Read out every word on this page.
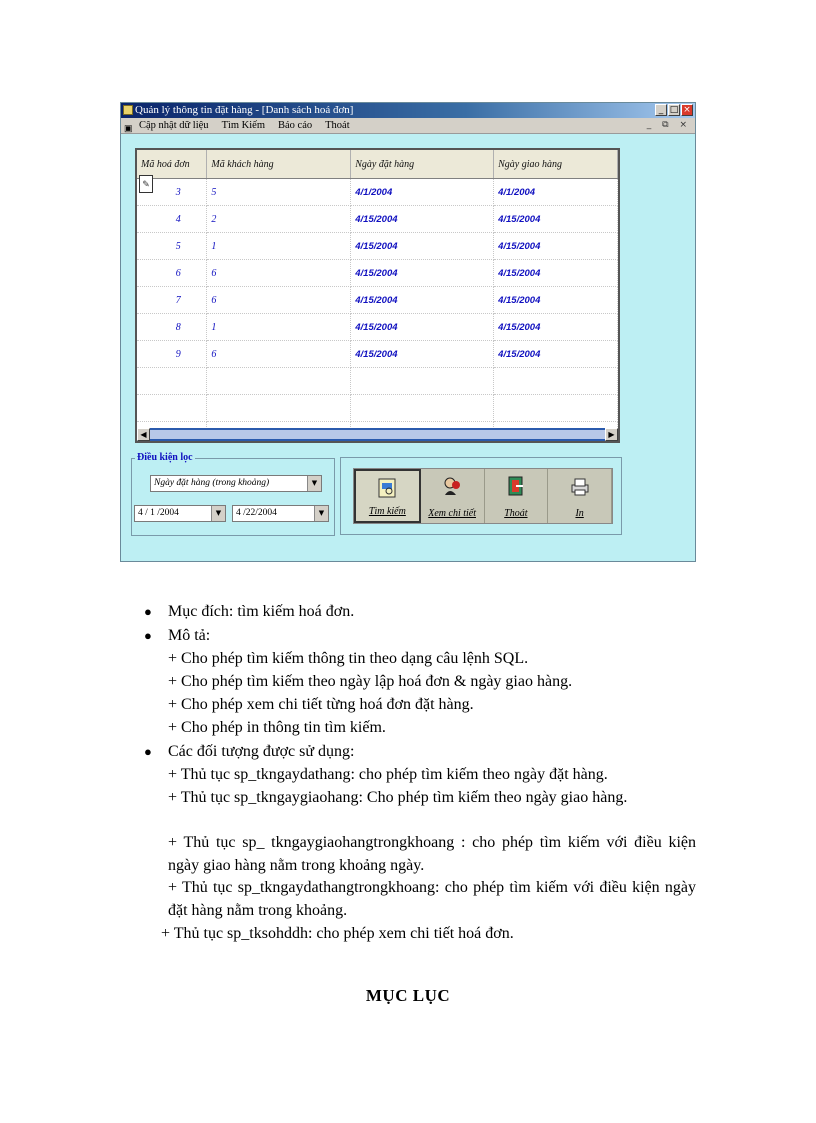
Quản lý thông tin đặt hàng - [Danh sách hoá đơn]	_ □ ×
▣ Cập nhật dữ liệu Tìm Kiếm Báo cáo Thoát	_ ⧉ ×
Mã hoá đơn	Mã khách hàng	Ngày đặt hàng	Ngày giao hàng
3	5	4/1/2004	4/1/2004
4	2	4/15/2004	4/15/2004
5	1	4/15/2004	4/15/2004
6	6	4/15/2004	4/15/2004
7	6	4/15/2004	4/15/2004
8	1	4/15/2004	4/15/2004
9	6	4/15/2004	4/15/2004

✎
◀	▶
Điều kiện lọc
Ngày đặt hàng (trong khoảng)	▼
4 / 1 /2004	▼	4 /22/2004	▼	Tìm kiếm	Xem chi tiết	Thoát	In
● Mục đích: tìm kiếm hoá đơn.
● Mô tả:
+ Cho phép tìm kiếm thông tin theo dạng câu lệnh SQL.
+ Cho phép tìm kiếm theo ngày lập hoá đơn & ngày giao hàng.
+ Cho phép xem chi tiết từng hoá đơn đặt hàng.
+ Cho phép in thông tin tìm kiếm.
● Các đối tượng được sử dụng:
+ Thủ tục sp_tkngaydathang: cho phép tìm kiếm theo ngày đặt hàng.
+ Thủ tục sp_tkngaygiaohang: Cho phép tìm kiếm theo ngày giao hàng.
+ Thủ tục sp_ tkngaygiaohangtrongkhoang : cho phép tìm kiếm với điều kiện ngày giao hàng nằm trong khoảng ngày.
+ Thủ tục sp_tkngaydathangtrongkhoang: cho phép tìm kiếm với điều kiện ngày đặt hàng nằm trong khoảng.
+ Thủ tục sp_tksohddh: cho phép xem chi tiết hoá đơn.
MỤC LỤC
